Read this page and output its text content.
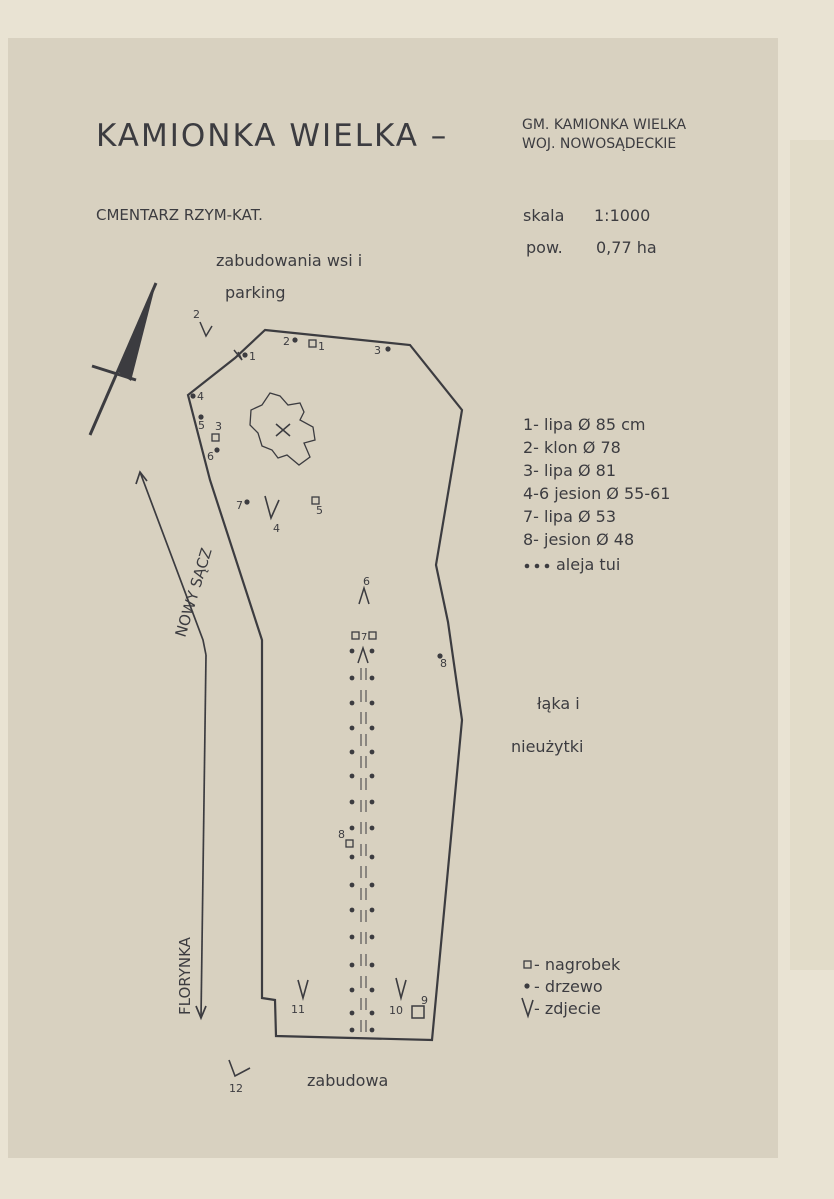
KAMIONKA WIELKA –	GM. KAMIONKA WIELKA
WOJ. NOWOSĄDECKIE
CMENTARZ RZYM-KAT.	skala 1:1000
pow. 0,77 ha
zabudowania wsi i
parking
NOWY SĄCZ
FLORYNKA
1
2
3
4
5
6
7
8
1
3
5
7
8
9
2
4
6
10
11
12
1- lipa Ø 85 cm
2- klon Ø 78
3- lipa Ø 81
4-6 jesion Ø 55-61
7- lipa Ø 53
8- jesion Ø 48
aleja tui
łąka i
nieużytki
- nagrobek
- drzewo
- zdjecie
zabudowa
